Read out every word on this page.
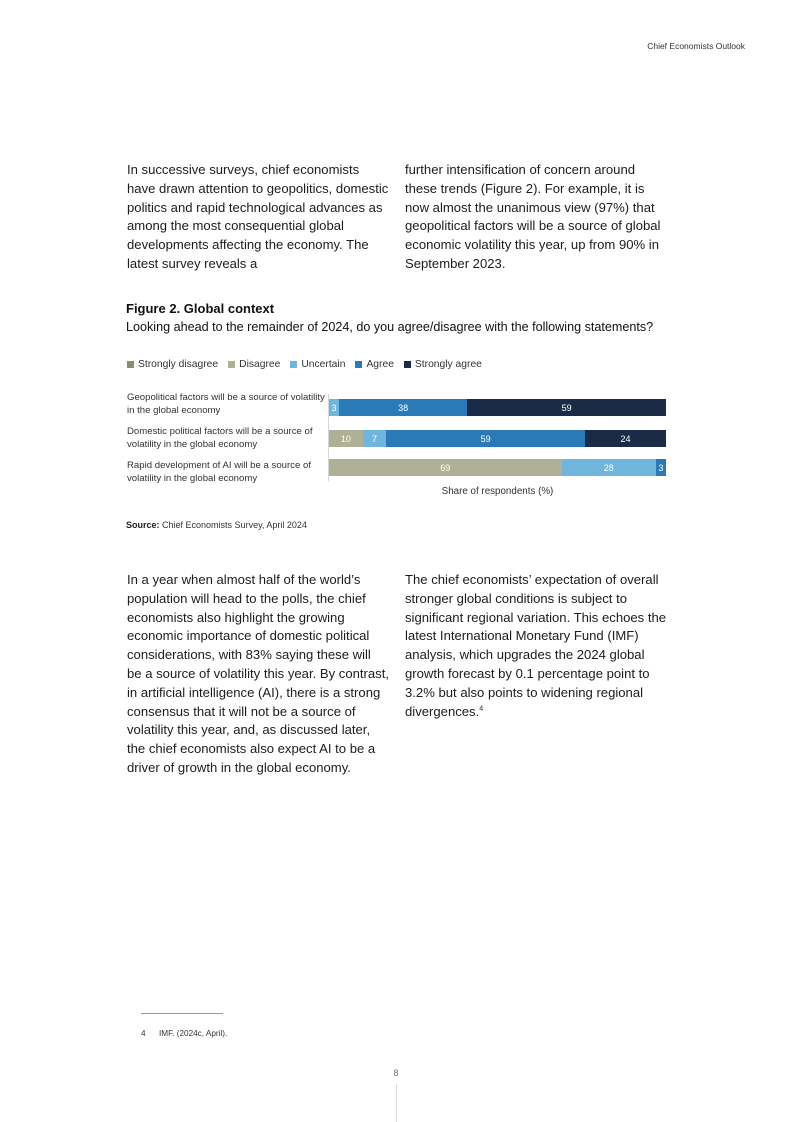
Chief Economists Outlook

In successive surveys, chief economists have drawn attention to geopolitics, domestic politics and rapid technological advances as among the most consequential global developments affecting the economy. The latest survey reveals a

further intensification of concern around these trends (Figure 2). For example, it is now almost the unanimous view (97%) that geopolitical factors will be a source of global economic volatility this year, up from 90% in September 2023.

Figure 2. Global context
Looking ahead to the remainder of 2024, do you agree/disagree with the following statements?
Strongly disagree Disagree Uncertain Agree Strongly agree
Geopolitical factors will be a source of volatility in the global economy
Domestic political factors will be a source of volatility in the global economy
Rapid development of AI will be a source of volatility in the global economy
3	38	59
10	7	59	24
69	28	3
Share of respondents (%)
Source: Chief Economists Survey, April 2024

In a year when almost half of the world’s population will head to the polls, the chief economists also highlight the growing economic importance of domestic political considerations, with 83% saying these will be a source of volatility this year. By contrast, in artificial intelligence (AI), there is a strong consensus that it will not be a source of volatility this year, and, as discussed later, the chief economists also expect AI to be a driver of growth in the global economy.

The chief economists’ expectation of overall stronger global conditions is subject to significant regional variation. This echoes the latest International Monetary Fund (IMF) analysis, which upgrades the 2024 global growth forecast by 0.1 percentage point to 3.2% but also points to widening regional divergences.$^4$

4 IMF. (2024c, April).
8
